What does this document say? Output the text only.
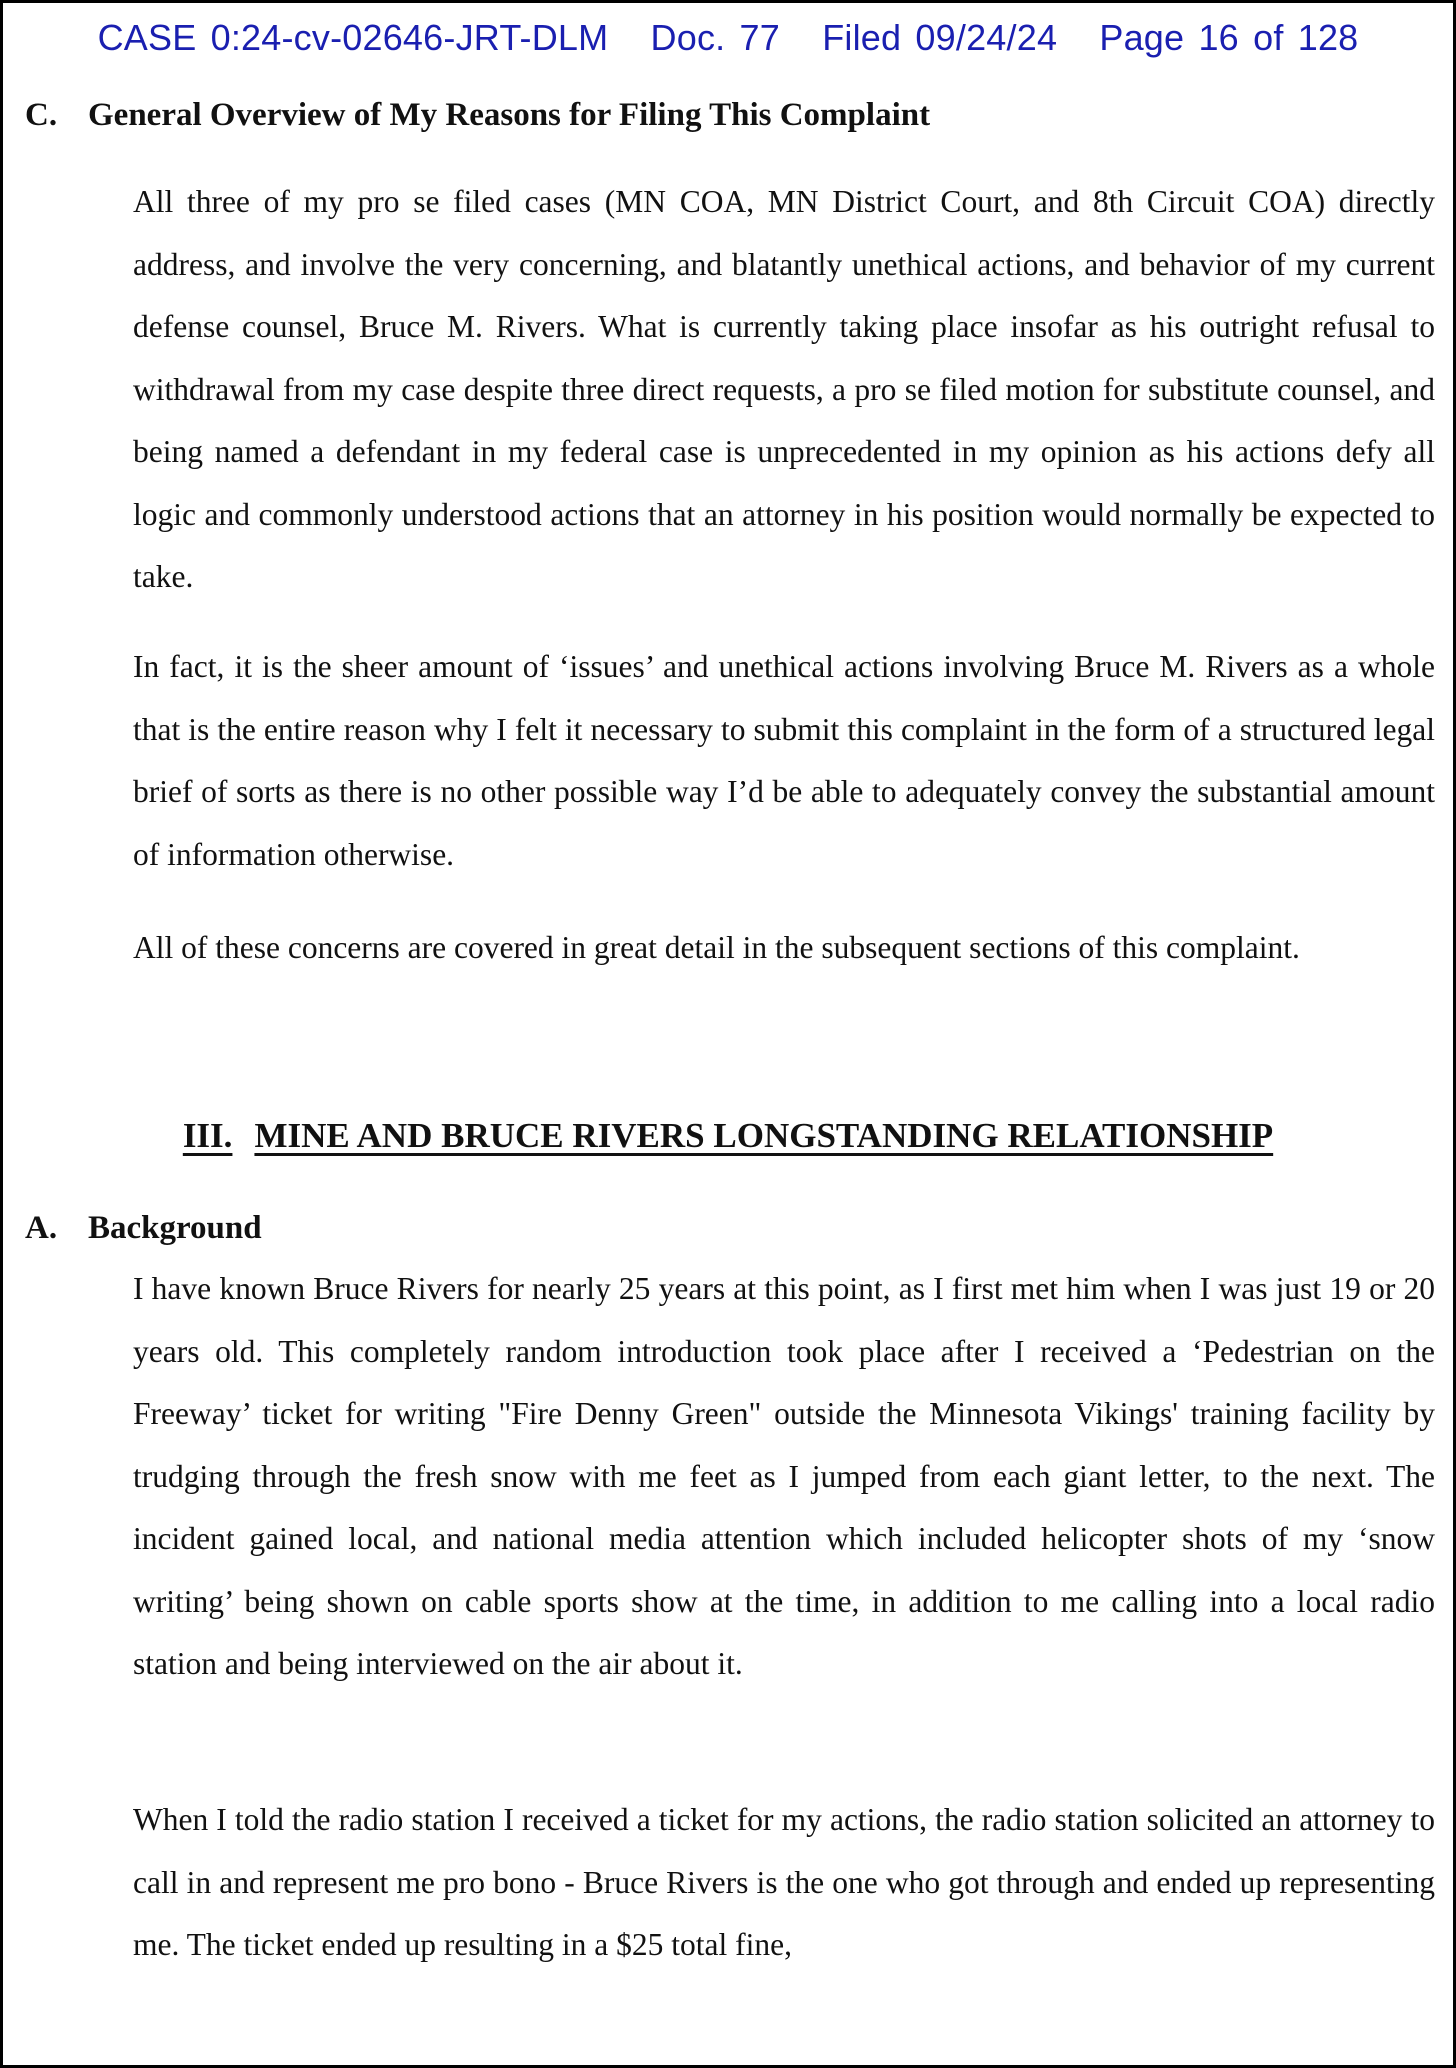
CASE 0:24-cv-02646-JRT-DLM Doc. 77 Filed 09/24/24 Page 16 of 128
C. General Overview of My Reasons for Filing This Complaint

All three of my pro se filed cases (MN COA, MN District Court, and 8th Circuit COA) directly address, and involve the very concerning, and blatantly unethical actions, and behavior of my current defense counsel, Bruce M. Rivers. What is currently taking place insofar as his outright refusal to withdrawal from my case despite three direct requests, a pro se filed motion for substitute counsel, and being named a defendant in my federal case is unprecedented in my opinion as his actions defy all logic and commonly understood actions that an attorney in his position would normally be expected to take.

In fact, it is the sheer amount of ‘issues’ and unethical actions involving Bruce M. Rivers as a whole that is the entire reason why I felt it necessary to submit this complaint in the form of a structured legal brief of sorts as there is no other possible way I’d be able to adequately convey the substantial amount of information otherwise.

All of these concerns are covered in great detail in the subsequent sections of this complaint.

III. MINE AND BRUCE RIVERS LONGSTANDING RELATIONSHIP
A. Background

I have known Bruce Rivers for nearly 25 years at this point, as I first met him when I was just 19 or 20 years old. This completely random introduction took place after I received a ‘Pedestrian on the Freeway’ ticket for writing "Fire Denny Green" outside the Minnesota Vikings' training facility by trudging through the fresh snow with me feet as I jumped from each giant letter, to the next. The incident gained local, and national media attention which included helicopter shots of my ‘snow writing’ being shown on cable sports show at the time, in addition to me calling into a local radio station and being interviewed on the air about it.

When I told the radio station I received a ticket for my actions, the radio station solicited an attorney to call in and represent me pro bono - Bruce Rivers is the one who got through and ended up representing me. The ticket ended up resulting in a $25 total fine,
